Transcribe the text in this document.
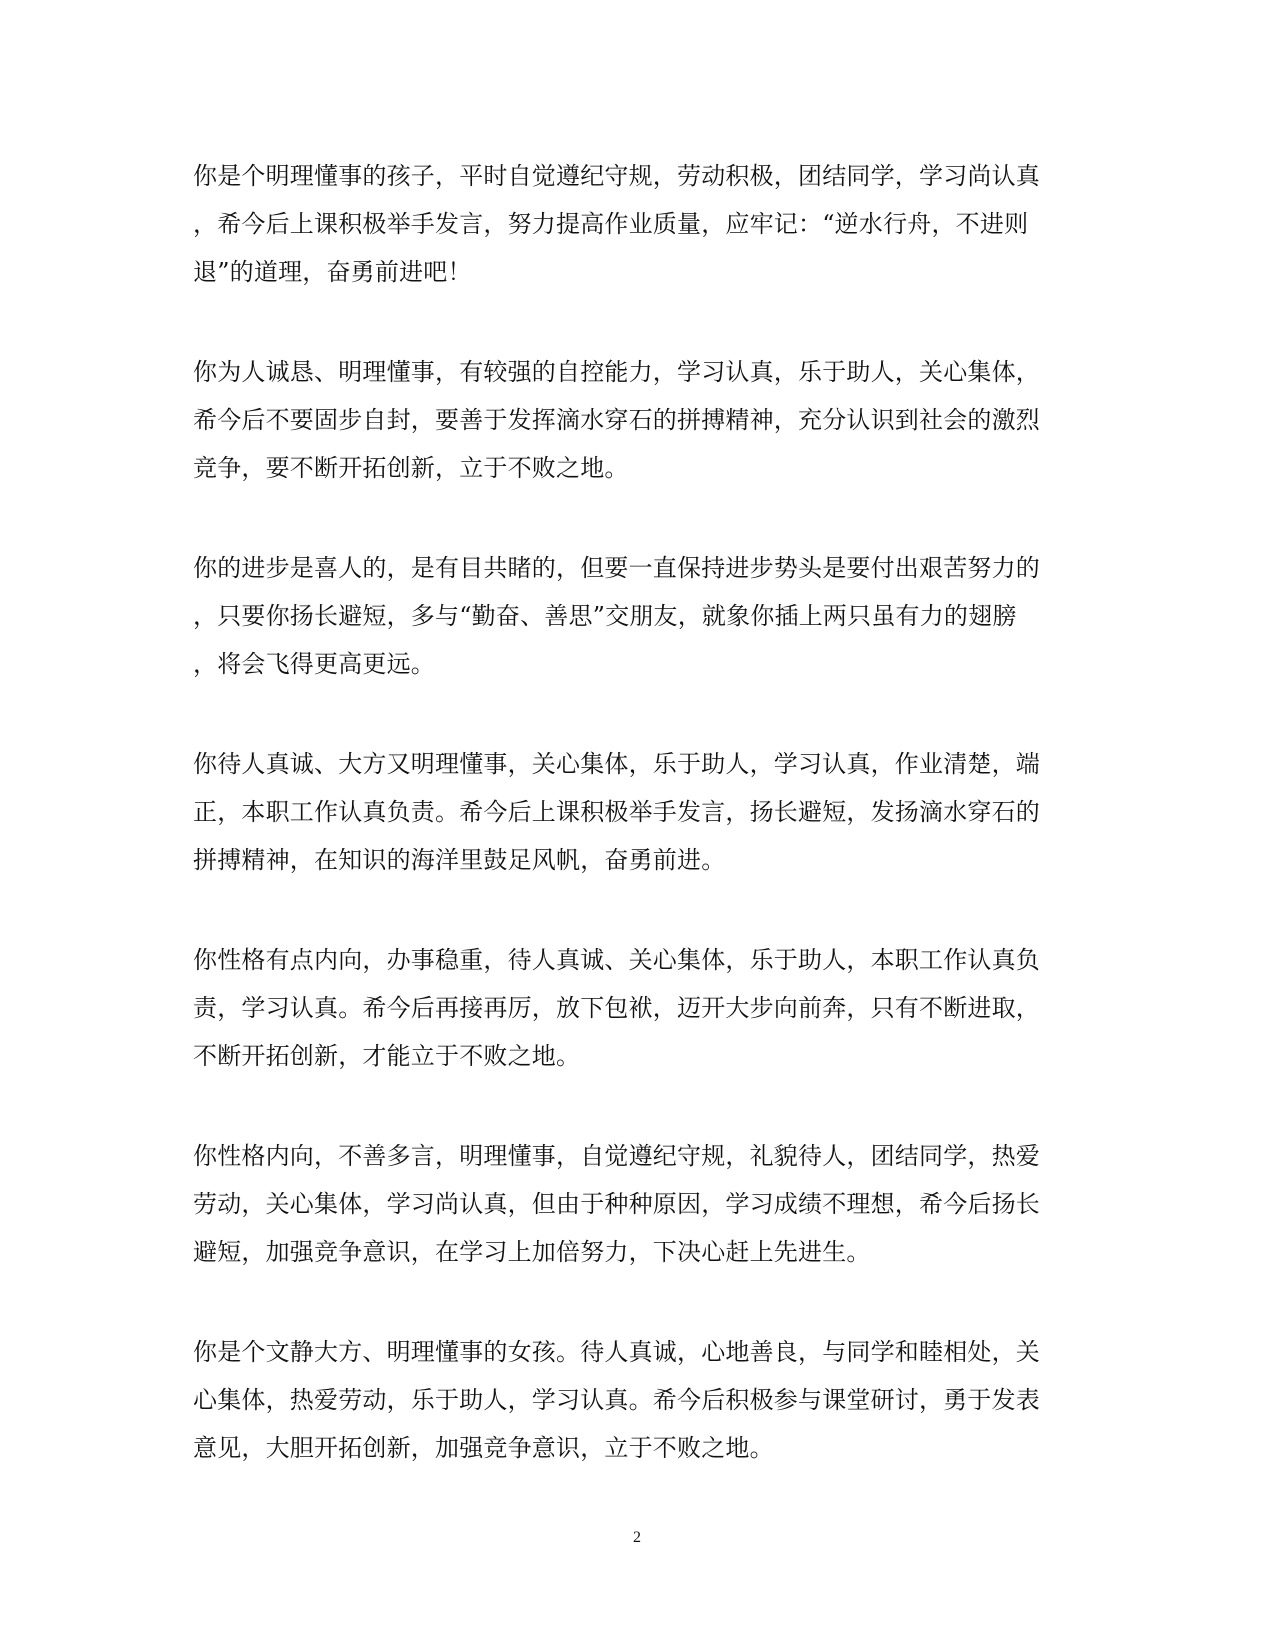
你是个明理懂事的孩子，平时自觉遵纪守规，劳动积极，团结同学，学习尚认真
，希今后上课积极举手发言，努力提高作业质量，应牢记：“逆水行舟，不进则
退”的道理，奋勇前进吧！

你为人诚恳、明理懂事，有较强的自控能力，学习认真，乐于助人，关心集体，
希今后不要固步自封，要善于发挥滴水穿石的拼搏精神，充分认识到社会的激烈
竞争，要不断开拓创新，立于不败之地。

你的进步是喜人的，是有目共睹的，但要一直保持进步势头是要付出艰苦努力的
，只要你扬长避短，多与“勤奋、善思”交朋友，就象你插上两只虽有力的翅膀
，将会飞得更高更远。

你待人真诚、大方又明理懂事，关心集体，乐于助人，学习认真，作业清楚，端
正，本职工作认真负责。希今后上课积极举手发言，扬长避短，发扬滴水穿石的
拼搏精神，在知识的海洋里鼓足风帆，奋勇前进。

你性格有点内向，办事稳重，待人真诚、关心集体，乐于助人，本职工作认真负
责，学习认真。希今后再接再厉，放下包袱，迈开大步向前奔，只有不断进取，
不断开拓创新，才能立于不败之地。

你性格内向，不善多言，明理懂事，自觉遵纪守规，礼貌待人，团结同学，热爱
劳动，关心集体，学习尚认真，但由于种种原因，学习成绩不理想，希今后扬长
避短，加强竞争意识，在学习上加倍努力，下决心赶上先进生。

你是个文静大方、明理懂事的女孩。待人真诚，心地善良，与同学和睦相处，关
心集体，热爱劳动，乐于助人，学习认真。希今后积极参与课堂研讨，勇于发表
意见，大胆开拓创新，加强竞争意识，立于不败之地。

2
